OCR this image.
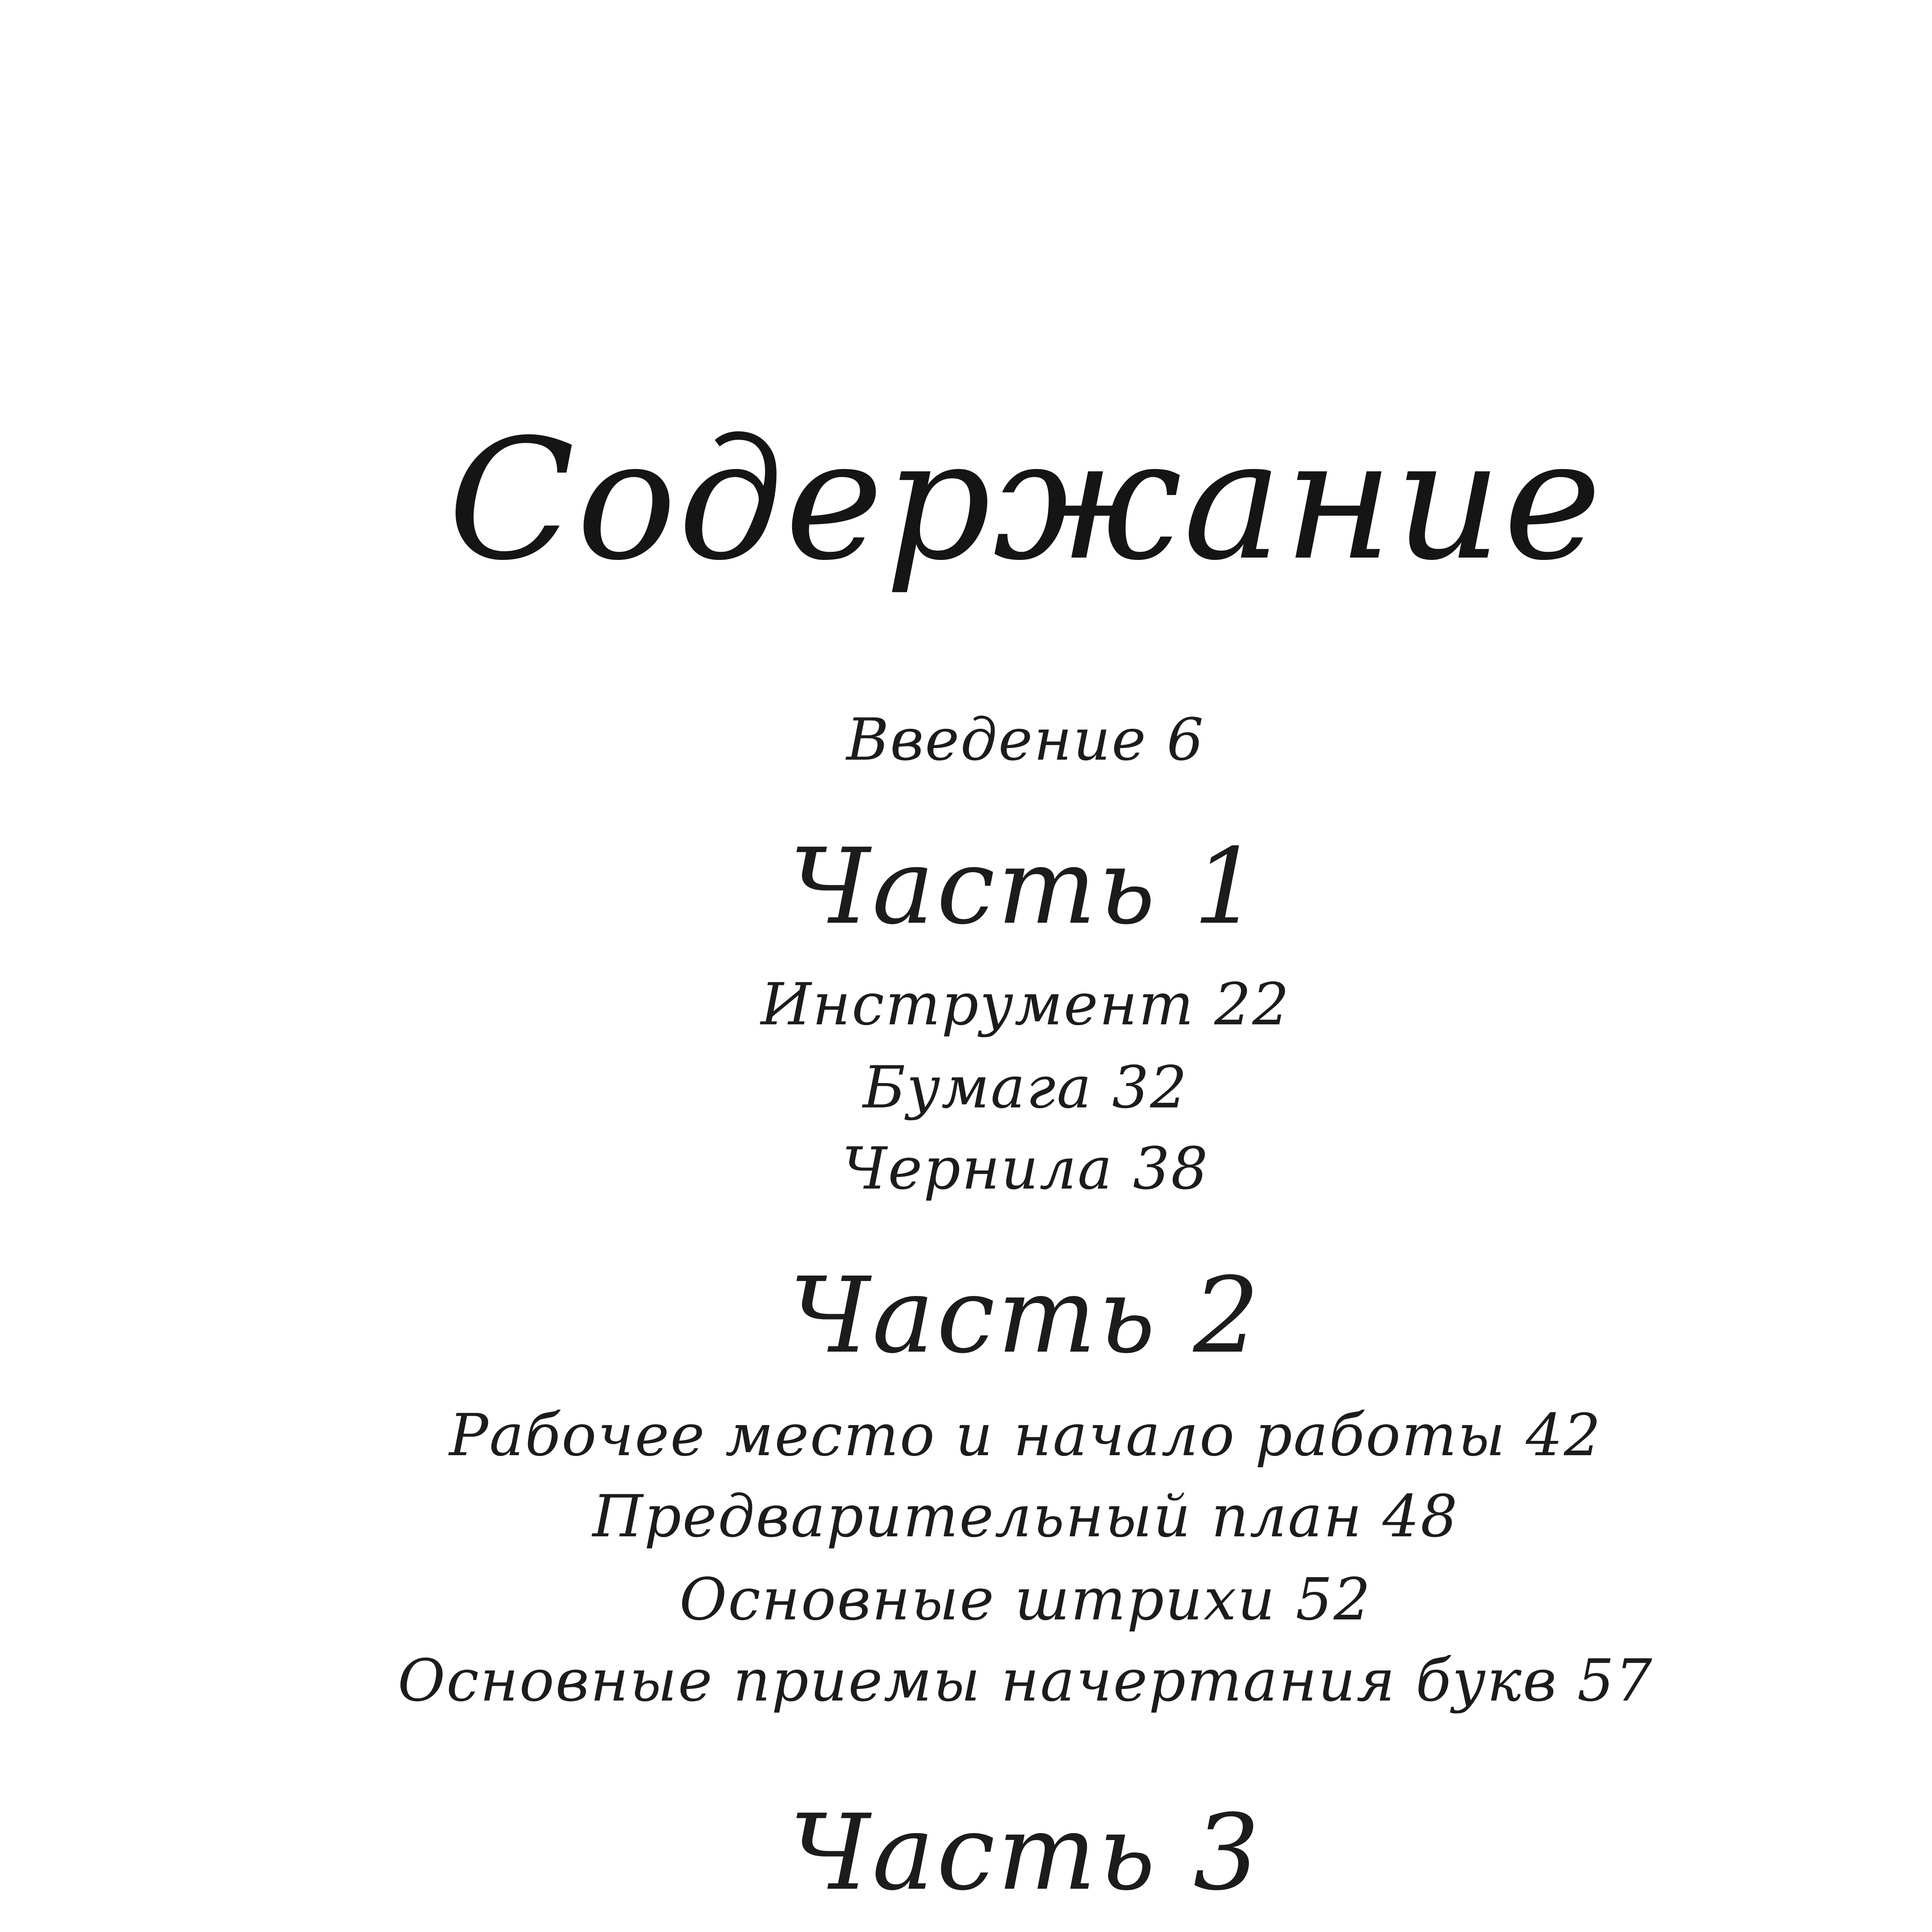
Содержание
Введение 6
Часть 1
Инструмент 22
Бумага 32
Чернила 38
Часть 2
Рабочее место и начало работы 42
Предварительный план 48
Основные штрихи 52
Основные приемы начертания букв 57
Часть 3
